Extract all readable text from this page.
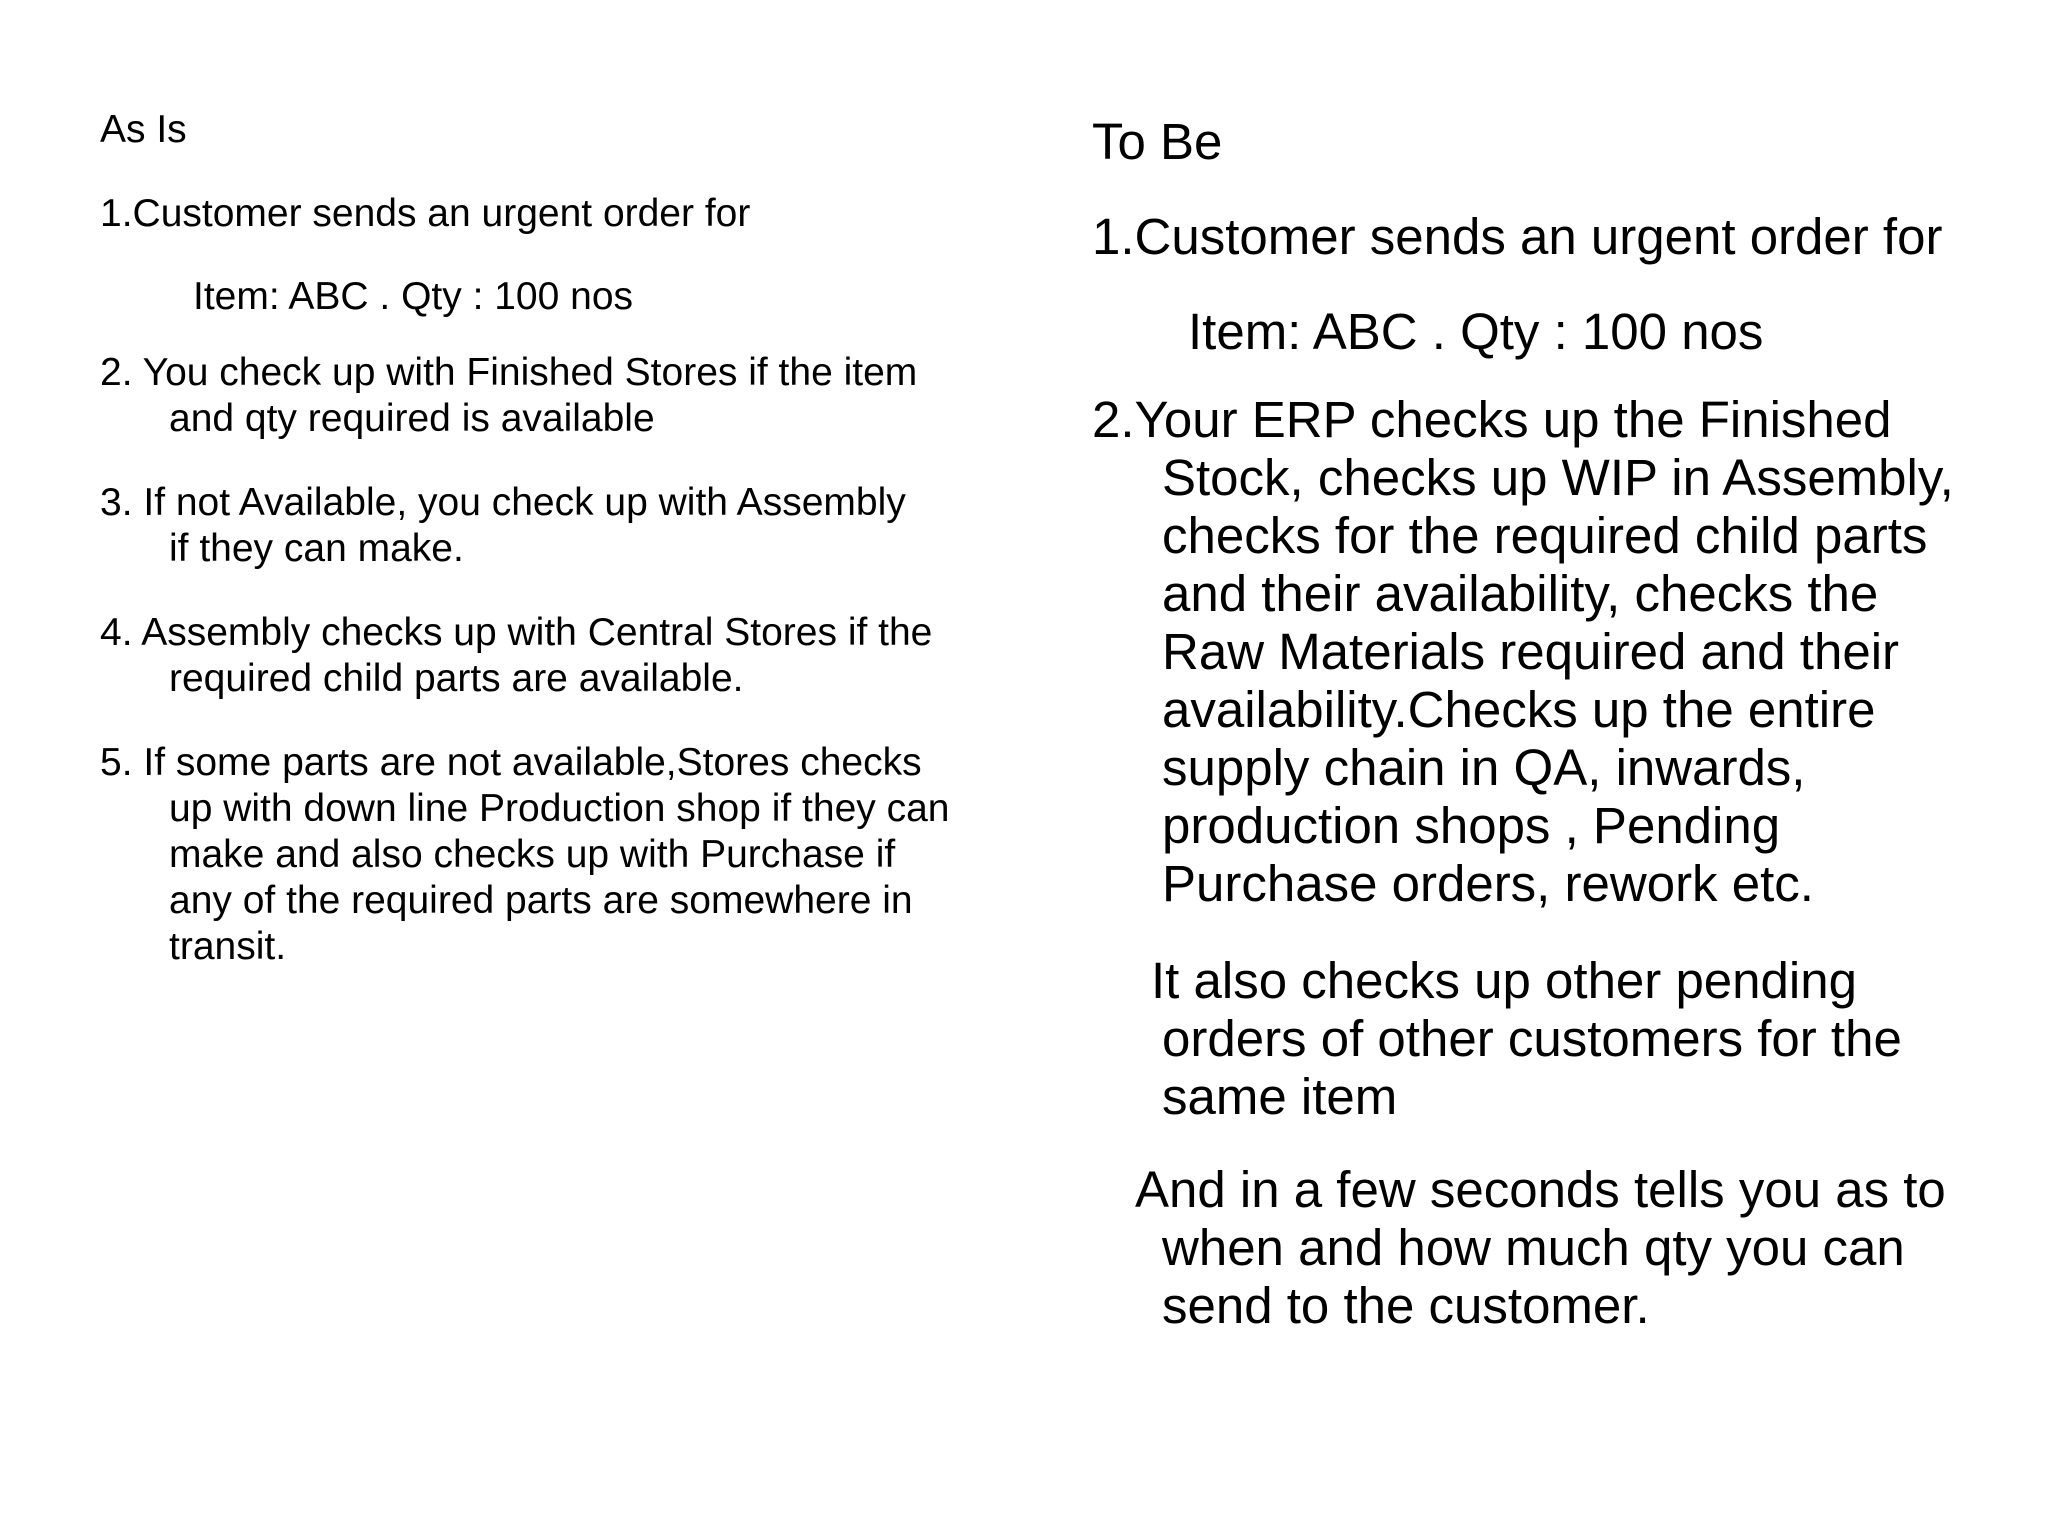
As Is
1.Customer sends an urgent order for
Item: ABC . Qty : 100 nos
2. You check up with Finished Stores if the item
and qty required is available
3. If not Available, you check up with Assembly
if they can make.
4. Assembly checks up with Central Stores if the
required child parts are available.
5. If some parts are not available,Stores checks
up with down line Production shop if they can
make and also checks up with Purchase if
any of the required parts are somewhere in
transit.
To Be
1.Customer sends an urgent order for
Item: ABC . Qty : 100 nos
2.Your ERP checks up the Finished
Stock, checks up WIP in Assembly,
checks for the required child parts
and their availability, checks the
Raw Materials required and their
availability.Checks up the entire
supply chain in QA, inwards,
production shops , Pending
Purchase orders, rework etc.
It also checks up other pending
orders of other customers for the
same item
And in a few seconds tells you as to
when and how much qty you can
send to the customer.
